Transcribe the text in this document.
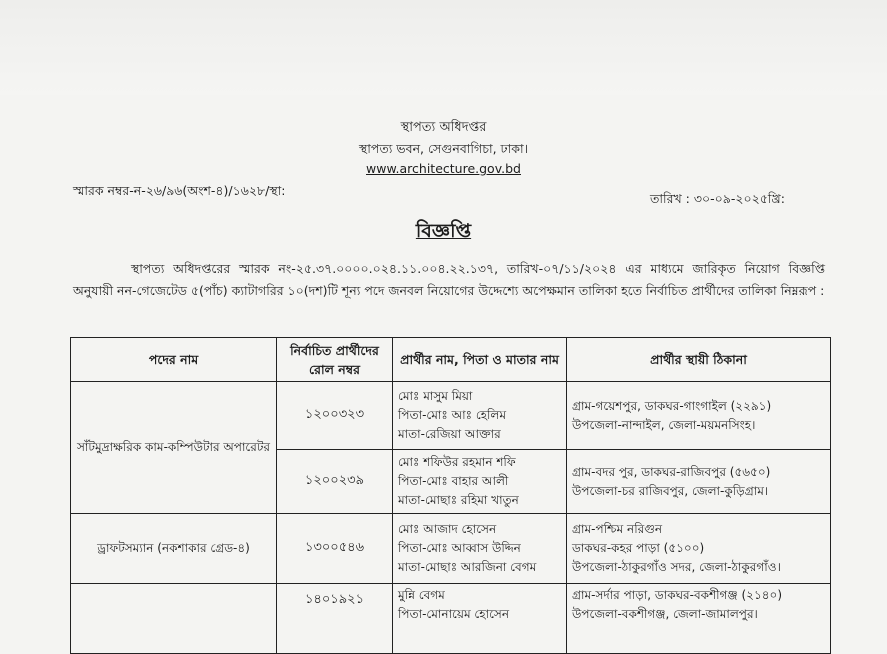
স্থাপত্য অধিদপ্তর
স্থাপত্য ভবন, সেগুনবাগিচা, ঢাকা।
www.architecture.gov.bd
স্মারক নম্বর-ন-২৬/৯৬(অংশ-৪)/১৬২৮/স্থা:
তারিখ : ৩০-০৯-২০২৫খ্রি:
বিজ্ঞপ্তি

স্থাপত্য অধিদপ্তরের স্মারক নং-২৫.৩৭.০০০০.০২৪.১১.০০৪.২২.১৩৭, তারিখ-০৭/১১/২০২৪ এর মাধ্যমে জারিকৃত নিয়োগ বিজ্ঞপ্তি অনুযায়ী নন-গেজেটেড ৫(পাঁচ) ক্যাটাগরির ১০(দশ)টি শূন্য পদে জনবল নিয়োগের উদ্দেশ্যে অপেক্ষমান তালিকা হতে নির্বাচিত প্রার্থীদের তালিকা নিম্নরূপ :

পদের নাম	নির্বাচিত প্রার্থীদের রোল নম্বর	প্রার্থীর নাম, পিতা ও মাতার নাম	প্রার্থীর স্থায়ী ঠিকানা
সাঁটমুদ্রাক্ষরিক কাম-কম্পিউটার অপারেটর	১২০০৩২৩	মোঃ মাসুম মিয়া
পিতা-মোঃ আঃ হেলিম
মাতা-রেজিয়া আক্তার	গ্রাম-গয়েশপুর, ডাকঘর-গাংগাইল (২২৯১)
উপজেলা-নান্দাইল, জেলা-ময়মনসিংহ।

	১২০০২৩৯	মোঃ শফিউর রহমান শফি
পিতা-মোঃ বাহার আলী
মাতা-মোছাঃ রহিমা খাতুন	গ্রাম-বদর পুর, ডাকঘর-রাজিবপুর (৫৬৫০)
উপজেলা-চর রাজিবপুর, জেলা-কুড়িগ্রাম।

ড্রাফটসম্যান (নকশাকার গ্রেড-৪)	১৩০০৫৪৬	মোঃ আজাদ হোসেন
পিতা-মোঃ আব্বাস উদ্দিন
মাতা-মোছাঃ আরজিনা বেগম	গ্রাম-পশ্চিম নরিগুন
ডাকঘর-কহর পাড়া (৫১০০)
উপজেলা-ঠাকুরগাঁও সদর, জেলা-ঠাকুরগাঁও।

	১৪০১৯২১	মুন্নি বেগম
পিতা-মোনায়েম হোসেন	গ্রাম-সর্দার পাড়া, ডাকঘর-বকশীগঞ্জ (২১৪০)
উপজেলা-বকশীগঞ্জ, জেলা-জামালপুর।
